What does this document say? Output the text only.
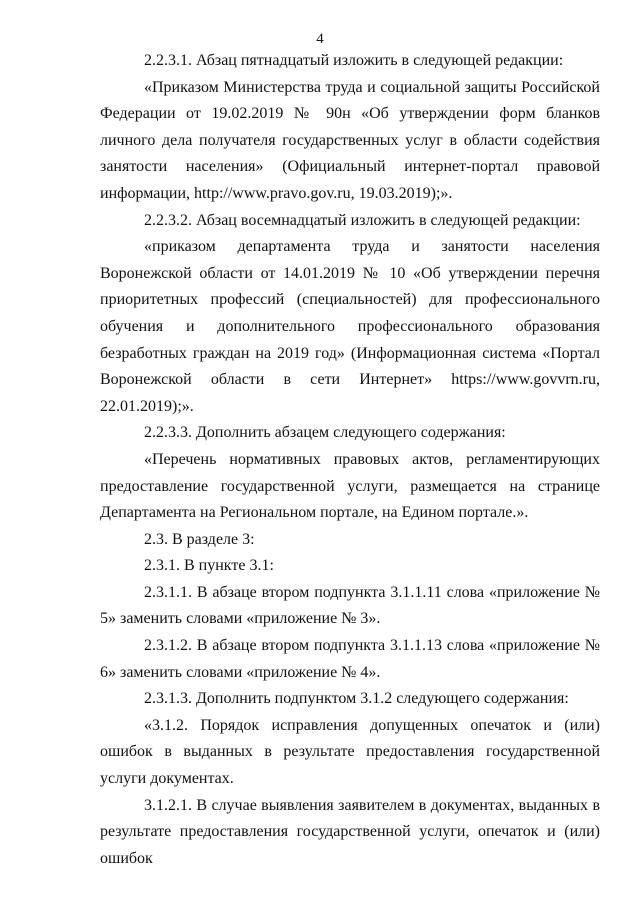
4

2.2.3.1. Абзац пятнадцатый изложить в следующей редакции:

«Приказом Министерства труда и социальной защиты Российской Федерации от 19.02.2019 № 90н «Об утверждении форм бланков личного дела получателя государственных услуг в области содействия занятости населения» (Официальный интернет-портал правовой информации, http://www.pravo.gov.ru, 19.03.2019);».

2.2.3.2. Абзац восемнадцатый изложить в следующей редакции:

«приказом департамента труда и занятости населения Воронежской области от 14.01.2019 № 10 «Об утверждении перечня приоритетных профессий (специальностей) для профессионального обучения и дополнительного профессионального образования безработных граждан на 2019 год» (Информационная система «Портал Воронежской области в сети Интернет» https://www.govvrn.ru, 22.01.2019);».

2.2.3.3. Дополнить абзацем следующего содержания:

«Перечень нормативных правовых актов, регламентирующих предоставление государственной услуги, размещается на странице Департамента на Региональном портале, на Едином портале.».

2.3. В разделе 3:

2.3.1. В пункте 3.1:

2.3.1.1. В абзаце втором подпункта 3.1.1.11 слова «приложение № 5» заменить словами «приложение № 3».

2.3.1.2. В абзаце втором подпункта 3.1.1.13 слова «приложение № 6» заменить словами «приложение № 4».

2.3.1.3. Дополнить подпунктом 3.1.2 следующего содержания:

«3.1.2. Порядок исправления допущенных опечаток и (или) ошибок в выданных в результате предоставления государственной услуги документах.

3.1.2.1. В случае выявления заявителем в документах, выданных в результате предоставления государственной услуги, опечаток и (или) ошибок
